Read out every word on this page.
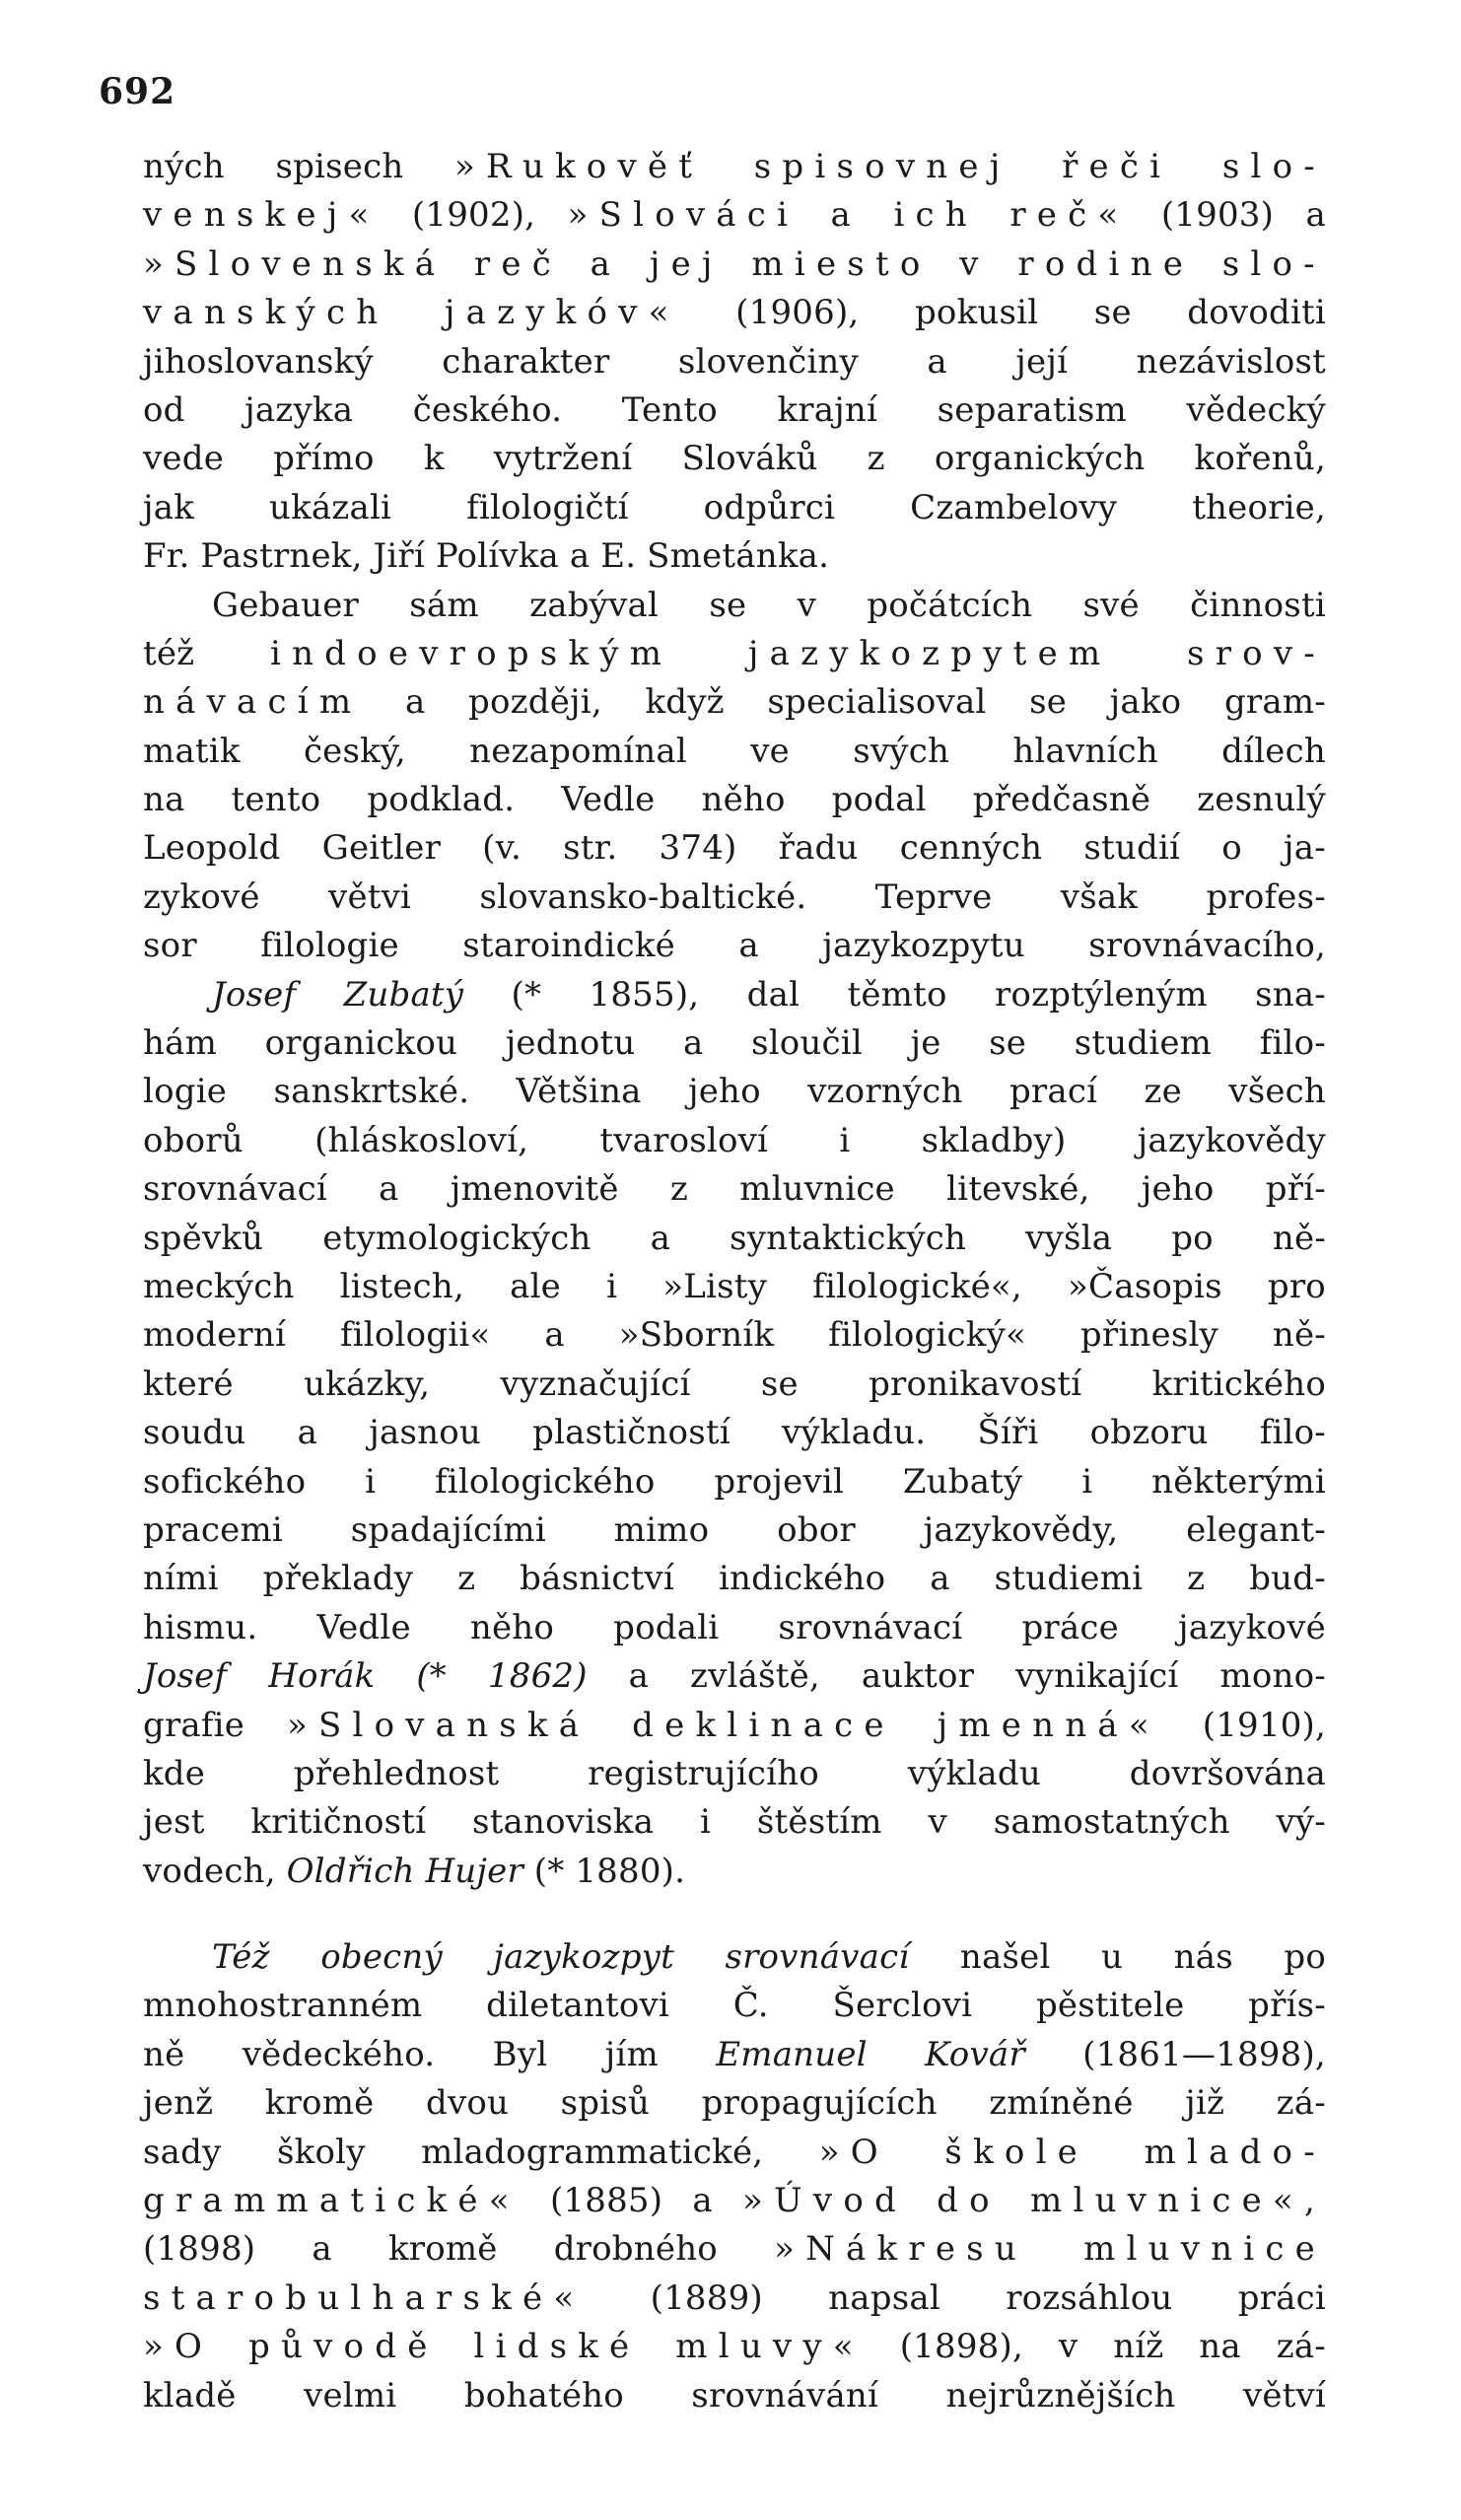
692
ných spisech »Rukověť spisovnej řeči slo-
venskej« (1902), »Slováci a ich reč« (1903) a
»Slovenská reč a jej miesto v rodine slo-
vanských jazykóv« (1906), pokusil se dovoditi
jihoslovanský charakter slovenčiny a její nezávislost
od jazyka českého. Tento krajní separatism vědecký
vede přímo k vytržení Slováků z organických kořenů,
jak ukázali filologičtí odpůrci Czambelovy theorie,
Fr. Pastrnek, Jiří Polívka a E. Smetánka.
Gebauer sám zabýval se v počátcích své činnosti
též indoevropským jazykozpytem srov-
návacím a později, když specialisoval se jako gram-
matik český, nezapomínal ve svých hlavních dílech
na tento podklad. Vedle něho podal předčasně zesnulý
Leopold Geitler (v. str. 374) řadu cenných studií o ja-
zykové větvi slovansko-baltické. Teprve však profes-
sor filologie staroindické a jazykozpytu srovnávacího,
Josef Zubatý (* 1855), dal těmto rozptýleným sna-
hám organickou jednotu a sloučil je se studiem filo-
logie sanskrtské. Většina jeho vzorných prací ze všech
oborů (hláskosloví, tvarosloví i skladby) jazykovědy
srovnávací a jmenovitě z mluvnice litevské, jeho pří-
spěvků etymologických a syntaktických vyšla po ně-
meckých listech, ale i »Listy filologické«, »Časopis pro
moderní filologii« a »Sborník filologický« přinesly ně-
které ukázky, vyznačující se pronikavostí kritického
soudu a jasnou plastičností výkladu. Šíři obzoru filo-
sofického i filologického projevil Zubatý i některými
pracemi spadajícími mimo obor jazykovědy, elegant-
ními překlady z básnictví indického a studiemi z bud-
hismu. Vedle něho podali srovnávací práce jazykové
Josef Horák (* 1862) a zvláště, auktor vynikající mono-
grafie »Slovanská deklinace jmenná« (1910),
kde	přehlednost	registrujícího	výkladu	dovršována
jest kritičností stanoviska i štěstím v samostatných vý-
vodech, Oldřich Hujer (* 1880).
Též obecný jazykozpyt srovnávací našel u nás po
mnohostranném diletantovi Č. Šerclovi pěstitele přís-
ně vědeckého. Byl jím Emanuel Kovář (1861—1898),
jenž kromě dvou spisů propagujících zmíněné již zá-
sady školy mladogrammatické, »O škole mlado-
grammatické« (1885) a »Úvod do mluvnice«,
(1898) a kromě drobného »Nákresu mluvnice
starobulharské« (1889) napsal rozsáhlou práci
»O původě lidské mluvy« (1898), v níž na zá-
kladě velmi bohatého srovnávání nejrůznějších větví
